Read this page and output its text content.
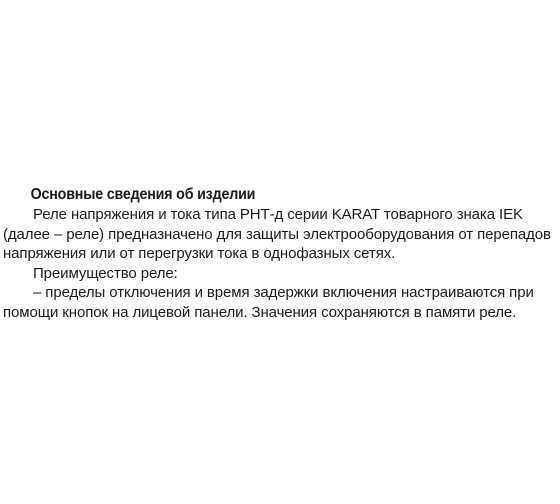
Основные сведения об изделии
Реле напряжения и тока типа РНТ-д серии KARAT товарного знака IEK
(далее – реле) предназначено для защиты электрооборудования от перепадов
напряжения или от перегрузки тока в однофазных сетях.
Преимущество реле:
– пределы отключения и время задержки включения настраиваются при
помощи кнопок на лицевой панели. Значения сохраняются в памяти реле.
